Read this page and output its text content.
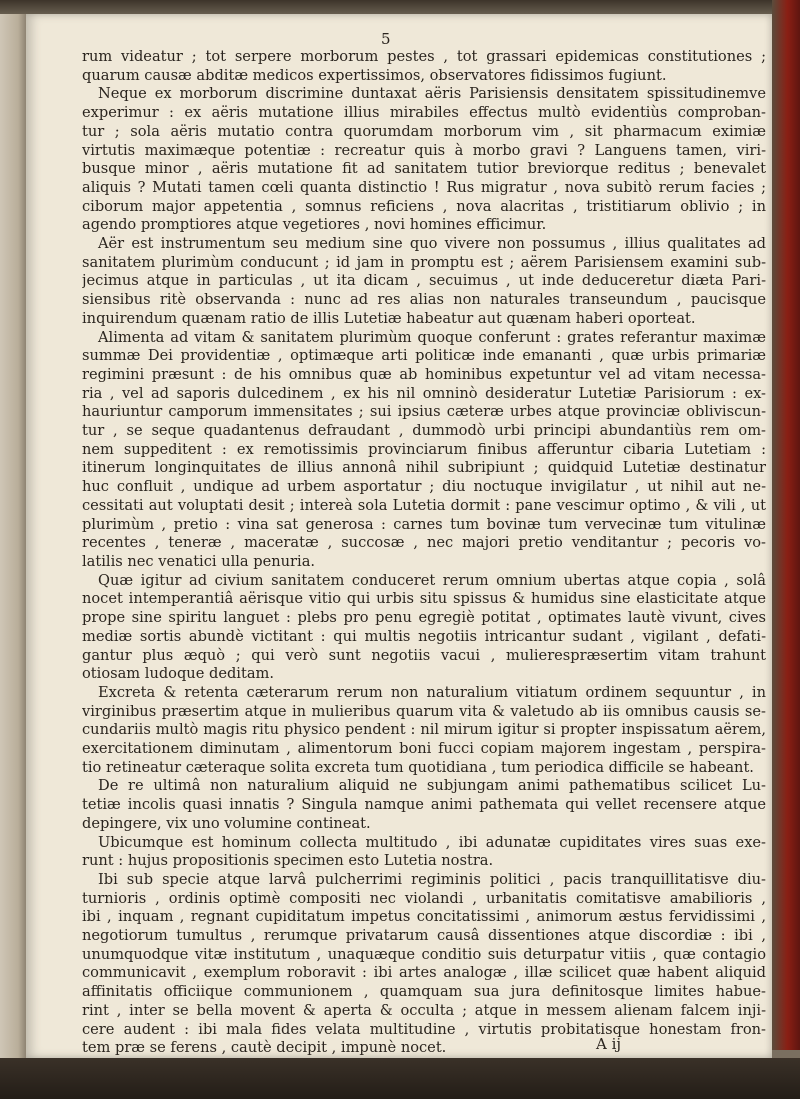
5
rum videatur ; tot serpere morborum pestes , tot grassari epidemicas constitutiones ;
quarum causæ abditæ medicos expertissimos, observatores fidissimos fugiunt.
Neque ex morborum discrimine duntaxat aëris Parisiensis densitatem spissitudinemve
experimur : ex aëris mutatione illius mirabiles effectus multò evidentiùs comproban-
tur ; sola aëris mutatio contra quorumdam morborum vim , sit pharmacum eximiæ
virtutis maximæque potentiæ : recreatur quis à morbo gravi ? Languens tamen, viri-
busque minor , aëris mutatione fit ad sanitatem tutior breviorque reditus ; benevalet
aliquis ? Mutati tamen cœli quanta distinctio ! Rus migratur , nova subitò rerum facies ;
ciborum major appetentia , somnus reficiens , nova alacritas , tristitiarum oblivio ; in
agendo promptiores atque vegetiores , novi homines efficimur.
Aër est instrumentum seu medium sine quo vivere non possumus , illius qualitates ad
sanitatem plurimùm conducunt ; id jam in promptu est ; aërem Parisiensem examini sub-
jecimus atque in particulas , ut ita dicam , secuimus , ut inde deduceretur diæta Pari-
siensibus ritè observanda : nunc ad res alias non naturales transeundum , paucisque
inquirendum quænam ratio de illis Lutetiæ habeatur aut quænam haberi oporteat.
Alimenta ad vitam & sanitatem plurimùm quoque conferunt : grates referantur maximæ
summæ Dei providentiæ , optimæque arti politicæ inde emananti , quæ urbis primariæ
regimini præsunt : de his omnibus quæ ab hominibus expetuntur vel ad vitam necessa-
ria , vel ad saporis dulcedinem , ex his nil omninò desideratur Lutetiæ Parisiorum : ex-
hauriuntur camporum immensitates ; sui ipsius cæteræ urbes atque provinciæ obliviscun-
tur , se seque quadantenus defraudant , dummodò urbi principi abundantiùs rem om-
nem suppeditent : ex remotissimis provinciarum finibus afferuntur cibaria Lutetiam :
itinerum longinquitates de illius annonâ nihil subripiunt ; quidquid Lutetiæ destinatur
huc confluit , undique ad urbem asportatur ; diu noctuque invigilatur , ut nihil aut ne-
cessitati aut voluptati desit ; intereà sola Lutetia dormit : pane vescimur optimo , & vili , ut
plurimùm , pretio : vina sat generosa : carnes tum bovinæ tum vervecinæ tum vitulinæ
recentes , teneræ , maceratæ , succosæ , nec majori pretio venditantur ; pecoris vo-
latilis nec venatici ulla penuria.
Quæ igitur ad civium sanitatem conduceret rerum omnium ubertas atque copia , solâ
nocet intemperantiâ aërisque vitio qui urbis situ spissus & humidus sine elasticitate atque
prope sine spiritu languet : plebs pro penu egregiè potitat , optimates lautè vivunt, cives
mediæ sortis abundè victitant : qui multis negotiis intricantur sudant , vigilant , defati-
gantur plus æquò ; qui verò sunt negotiis vacui , mulierespræsertim vitam trahunt
otiosam ludoque deditam.
Excreta & retenta cæterarum rerum non naturalium vitiatum ordinem sequuntur , in
virginibus præsertim atque in mulieribus quarum vita & valetudo ab iis omnibus causis se-
cundariis multò magis ritu physico pendent : nil mirum igitur si propter inspissatum aërem,
exercitationem diminutam , alimentorum boni fucci copiam majorem ingestam , perspira-
tio retineatur cæteraque solita excreta tum quotidiana , tum periodica difficile se habeant.
De re ultimâ non naturalium aliquid ne subjungam animi pathematibus scilicet Lu-
tetiæ incolis quasi innatis ? Singula namque animi pathemata qui vellet recensere atque
depingere, vix uno volumine contineat.
Ubicumque est hominum collecta multitudo , ibi adunatæ cupiditates vires suas exe-
runt : hujus propositionis specimen esto Lutetia nostra.
Ibi sub specie atque larvâ pulcherrimi regiminis politici , pacis tranquillitatisve diu-
turnioris , ordinis optimè compositi nec violandi , urbanitatis comitatisve amabilioris ,
ibi , inquam , regnant cupiditatum impetus concitatissimi , animorum æstus fervidissimi ,
negotiorum tumultus , rerumque privatarum causâ dissentiones atque discordiæ : ibi ,
unumquodque vitæ institutum , unaquæque conditio suis deturpatur vitiis , quæ contagio
communicavit , exemplum roboravit : ibi artes analogæ , illæ scilicet quæ habent aliquid
affinitatis officiique communionem , quamquam sua jura definitosque limites habue-
rint , inter se bella movent & aperta & occulta ; atque in messem alienam falcem inji-
cere audent : ibi mala fides velata multitudine , virtutis probitatisque honestam fron-
tem præ se ferens , cautè decipit , impunè nocet.	A ij
